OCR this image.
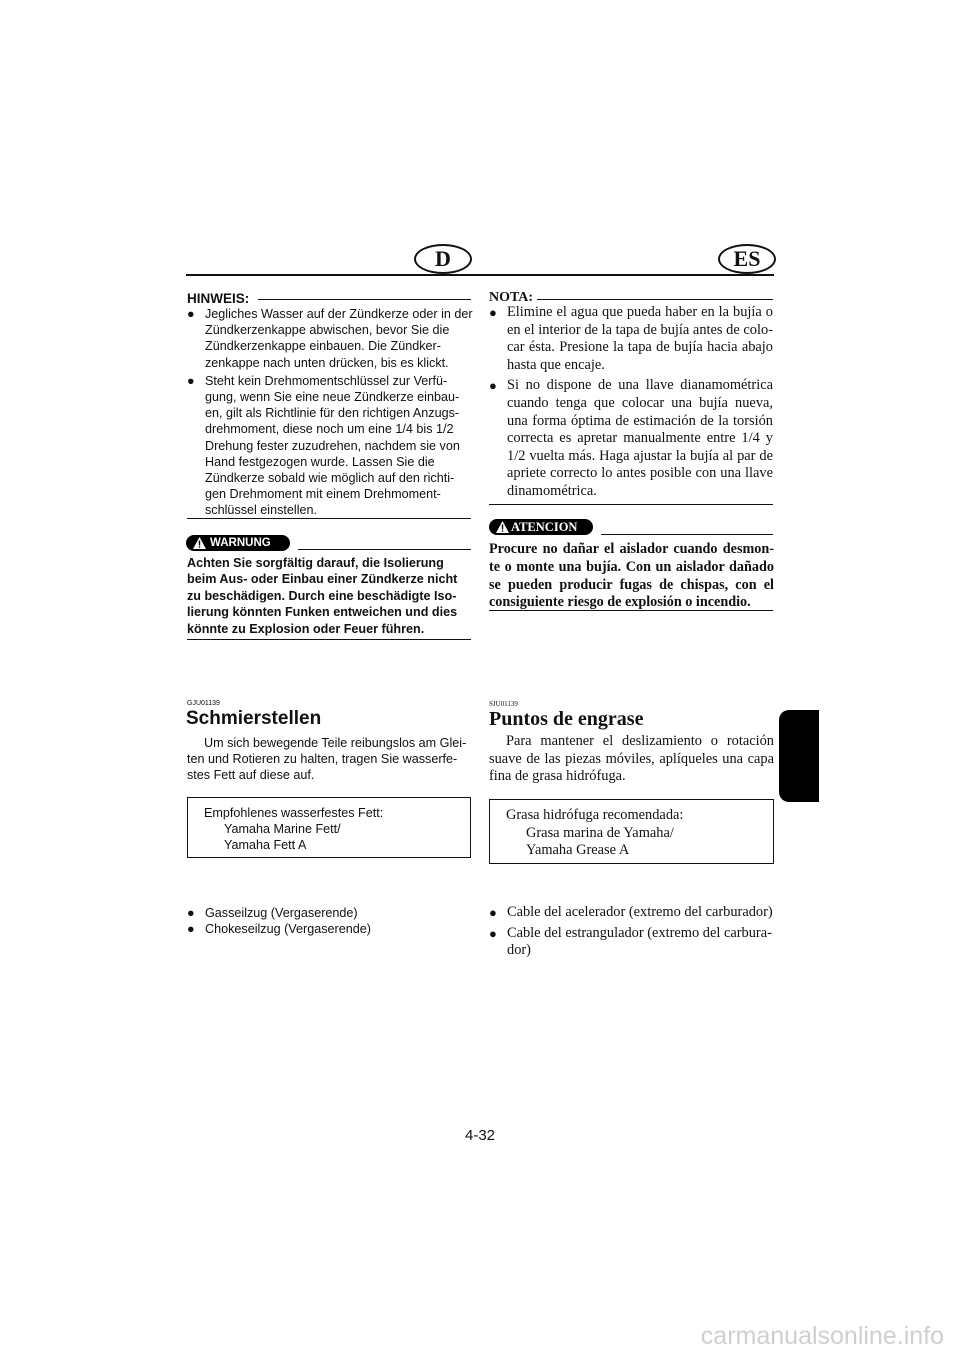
D	ES
HINWEIS:
● Jegliches Wasser auf der Zündkerze oder in der Zündkerzenkappe abwischen, bevor Sie die Zündkerzenkappe einbauen. Die Zündker-zenkappe nach unten drücken, bis es klickt.
● Steht kein Drehmomentschlüssel zur Verfü-gung, wenn Sie eine neue Zündkerze einbau-en, gilt als Richtlinie für den richtigen Anzugs-drehmoment, diese noch um eine 1/4 bis 1/2 Drehung fester zuzudrehen, nachdem sie von Hand festgezogen wurde. Lassen Sie die Zündkerze sobald wie möglich auf den richti-gen Drehmoment mit einem Drehmoment-schlüssel einstellen.
WARNUNG
Achten Sie sorgfältig darauf, die Isolierung beim Aus- oder Einbau einer Zündkerze nicht zu beschädigen. Durch eine beschädigte Iso-lierung könnten Funken entweichen und dies könnte zu Explosion oder Feuer führen.
GJU01139
Schmierstellen
Um sich bewegende Teile reibungslos am Glei-ten und Rotieren zu halten, tragen Sie wasserfe-stes Fett auf diese auf.
Empfohlenes wasserfestes Fett:
Yamaha Marine Fett/
Yamaha Fett A
● Gasseilzug (Vergaserende)
● Chokeseilzug (Vergaserende)
NOTA:
● Elimine el agua que pueda haber en la bujía o en el interior de la tapa de bujía antes de colo-car ésta. Presione la tapa de bujía hacia abajo hasta que encaje.
● Si no dispone de una llave dianamométrica cuando tenga que colocar una bujía nueva, una forma óptima de estimación de la torsión correcta es apretar manualmente entre 1/4 y 1/2 vuelta más. Haga ajustar la bujía al par de apriete correcto lo antes posible con una llave dinamométrica.
ATENCION
Procure no dañar el aislador cuando desmon-te o monte una bujía. Con un aislador dañado se pueden producir fugas de chispas, con el consiguiente riesgo de explosión o incendio.
SJU01139
Puntos de engrase
Para mantener el deslizamiento o rotación suave de las piezas móviles, aplíqueles una capa fina de grasa hidrófuga.
Grasa hidrófuga recomendada:
Grasa marina de Yamaha/
Yamaha Grease A
● Cable del acelerador (extremo del carburador)
● Cable del estrangulador (extremo del carbura-dor)
4-32
carmanualsonline.info
